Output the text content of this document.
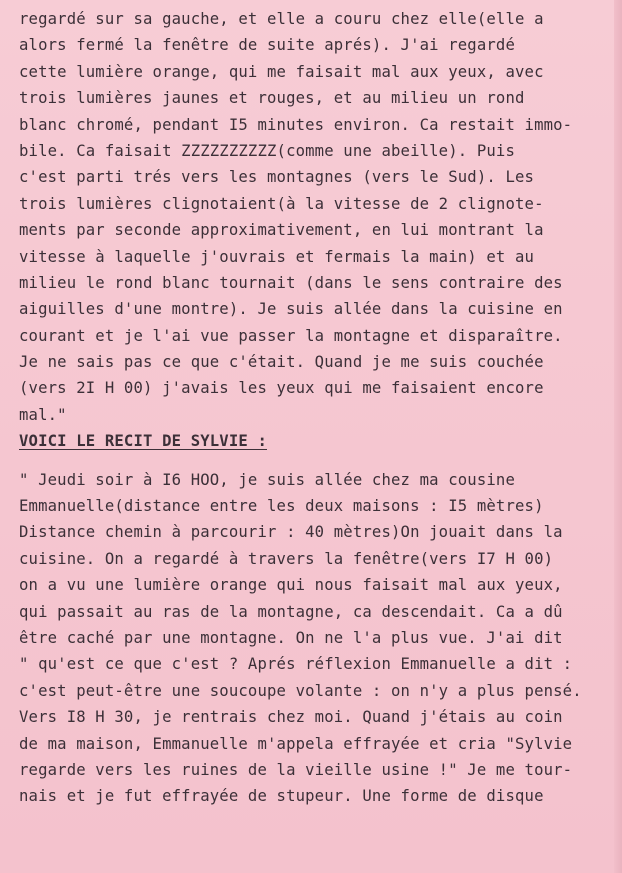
regardé sur sa gauche, et elle a couru chez elle(elle a
alors fermé la fenêtre de suite aprés). J'ai regardé
cette lumière orange, qui me faisait mal aux yeux, avec
trois lumières jaunes et rouges, et au milieu un rond
blanc chromé, pendant I5 minutes environ. Ca restait immo-
bile. Ca faisait ZZZZZZZZZZ(comme une abeille). Puis
c'est parti trés vers les montagnes (vers le Sud). Les
trois lumières clignotaient(à la vitesse de 2 clignote-
ments par seconde approximativement, en lui montrant la
vitesse à laquelle j'ouvrais et fermais la main) et au
milieu le rond blanc tournait (dans le sens contraire des
aiguilles d'une montre). Je suis allée dans la cuisine en
courant et je l'ai vue passer la montagne et disparaître.
Je ne sais pas ce que c'était. Quand je me suis couchée
(vers 2I H 00) j'avais les yeux qui me faisaient encore
mal."
VOICI LE RECIT DE SYLVIE :
" Jeudi soir à I6 HOO, je suis allée chez ma cousine
Emmanuelle(distance entre les deux maisons : I5 mètres)
Distance chemin à parcourir : 40 mètres)On jouait dans la
cuisine. On a regardé à travers la fenêtre(vers I7 H 00)
on a vu une lumière orange qui nous faisait mal aux yeux,
qui passait au ras de la montagne, ca descendait. Ca a dû
être caché par une montagne. On ne l'a plus vue. J'ai dit
" qu'est ce que c'est ? Aprés réflexion Emmanuelle a dit :
c'est peut-être une soucoupe volante : on n'y a plus pensé.
Vers I8 H 30, je rentrais chez moi. Quand j'étais au coin
de ma maison, Emmanuelle m'appela effrayée et cria "Sylvie
regarde vers les ruines de la vieille usine !" Je me tour-
nais et je fut effrayée de stupeur. Une forme de disque
